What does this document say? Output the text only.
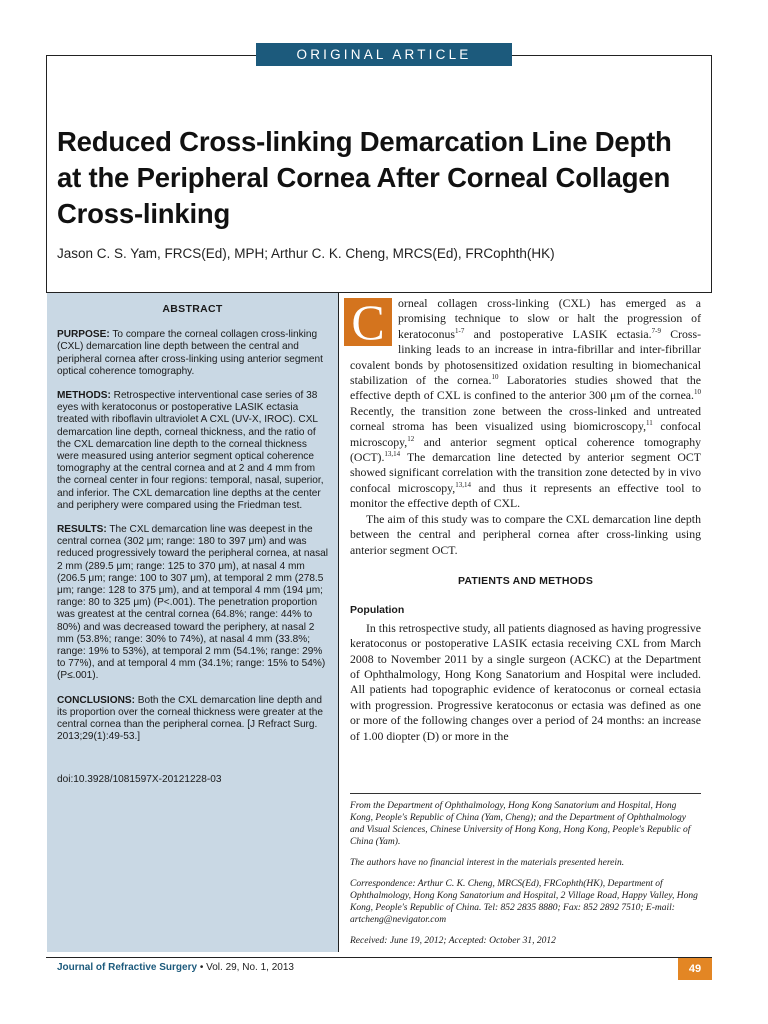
ORIGINAL ARTICLE
Reduced Cross-linking Demarcation Line Depth at the Peripheral Cornea After Corneal Collagen Cross-linking
Jason C. S. Yam, FRCS(Ed), MPH; Arthur C. K. Cheng, MRCS(Ed), FRCophth(HK)
ABSTRACT

PURPOSE: To compare the corneal collagen cross-linking (CXL) demarcation line depth between the central and peripheral cornea after cross-linking using anterior segment optical coherence tomography.

METHODS: Retrospective interventional case series of 38 eyes with keratoconus or postoperative LASIK ectasia treated with riboflavin ultraviolet A CXL (UV-X, IROC). CXL demarcation line depth, corneal thickness, and the ratio of the CXL demarcation line depth to the corneal thickness were measured using anterior segment optical coherence tomography at the central cornea and at 2 and 4 mm from the corneal center in four regions: temporal, nasal, superior, and inferior. The CXL demarcation line depths at the center and periphery were compared using the Friedman test.

RESULTS: The CXL demarcation line was deepest in the central cornea (302 μm; range: 180 to 397 μm) and was reduced progressively toward the peripheral cornea, at nasal 2 mm (289.5 μm; range: 125 to 370 μm), at nasal 4 mm (206.5 μm; range: 100 to 307 μm), at temporal 2 mm (278.5 μm; range: 128 to 375 μm), and at temporal 4 mm (194 μm; range: 80 to 325 μm) (P<.001). The penetration proportion was greatest at the central cornea (64.8%; range: 44% to 80%) and was decreased toward the periphery, at nasal 2 mm (53.8%; range: 30% to 74%), at nasal 4 mm (33.8%; range: 19% to 53%), at temporal 2 mm (54.1%; range: 29% to 77%), and at temporal 4 mm (34.1%; range: 15% to 54%) (P≤.001).

CONCLUSIONS: Both the CXL demarcation line depth and its proportion over the corneal thickness were greater at the central cornea than the peripheral cornea. [J Refract Surg. 2013;29(1):49-53.]

doi:10.3928/1081597X-20121228-03

C	orneal collagen cross-linking (CXL) has emerged as a promising technique to slow or halt the progression of keratoconus$^{1-7}$ and postoperative LASIK ectasia.$^{7-9}$ Cross-linking leads to an increase in intra-fibrillar and inter-fibrillar covalent bonds by photosensitized oxidation resulting in biomechanical stabilization of the cornea.$^{10}$ Laboratories studies showed that the effective depth of CXL is confined to the anterior 300 μm of the cornea.$^{10}$ Recently, the transition zone between the cross-linked and untreated corneal stroma has been visualized using biomicroscopy,$^{11}$ confocal microscopy,$^{12}$ and anterior segment optical coherence tomography (OCT).$^{13,14}$ The demarcation line detected by anterior segment OCT showed significant correlation with the transition zone detected by in vivo confocal microscopy,$^{13,14}$ and thus it represents an effective tool to monitor the effective depth of CXL.

The aim of this study was to compare the CXL demarcation line depth between the central and peripheral cornea after cross-linking using anterior segment OCT.

PATIENTS AND METHODS
Population

In this retrospective study, all patients diagnosed as having progressive keratoconus or postoperative LASIK ectasia receiving CXL from March 2008 to November 2011 by a single surgeon (ACKC) at the Department of Ophthalmology, Hong Kong Sanatorium and Hospital were included. All patients had topographic evidence of keratoconus or corneal ectasia with progression. Progressive keratoconus or ectasia was defined as one or more of the following changes over a period of 24 months: an increase of 1.00 diopter (D) or more in the

From the Department of Ophthalmology, Hong Kong Sanatorium and Hospital, Hong Kong, People's Republic of China (Yam, Cheng); and the Department of Ophthalmology and Visual Sciences, Chinese University of Hong Kong, Hong Kong, People's Republic of China (Yam).

The authors have no financial interest in the materials presented herein.

Correspondence: Arthur C. K. Cheng, MRCS(Ed), FRCophth(HK), Department of Ophthalmology, Hong Kong Sanatorium and Hospital, 2 Village Road, Happy Valley, Hong Kong, People's Republic of China. Tel: 852 2835 8880; Fax: 852 2892 7510; E-mail: artcheng@nevigator.com

Received: June 19, 2012; Accepted: October 31, 2012

Journal of Refractive Surgery • Vol. 29, No. 1, 2013	49
